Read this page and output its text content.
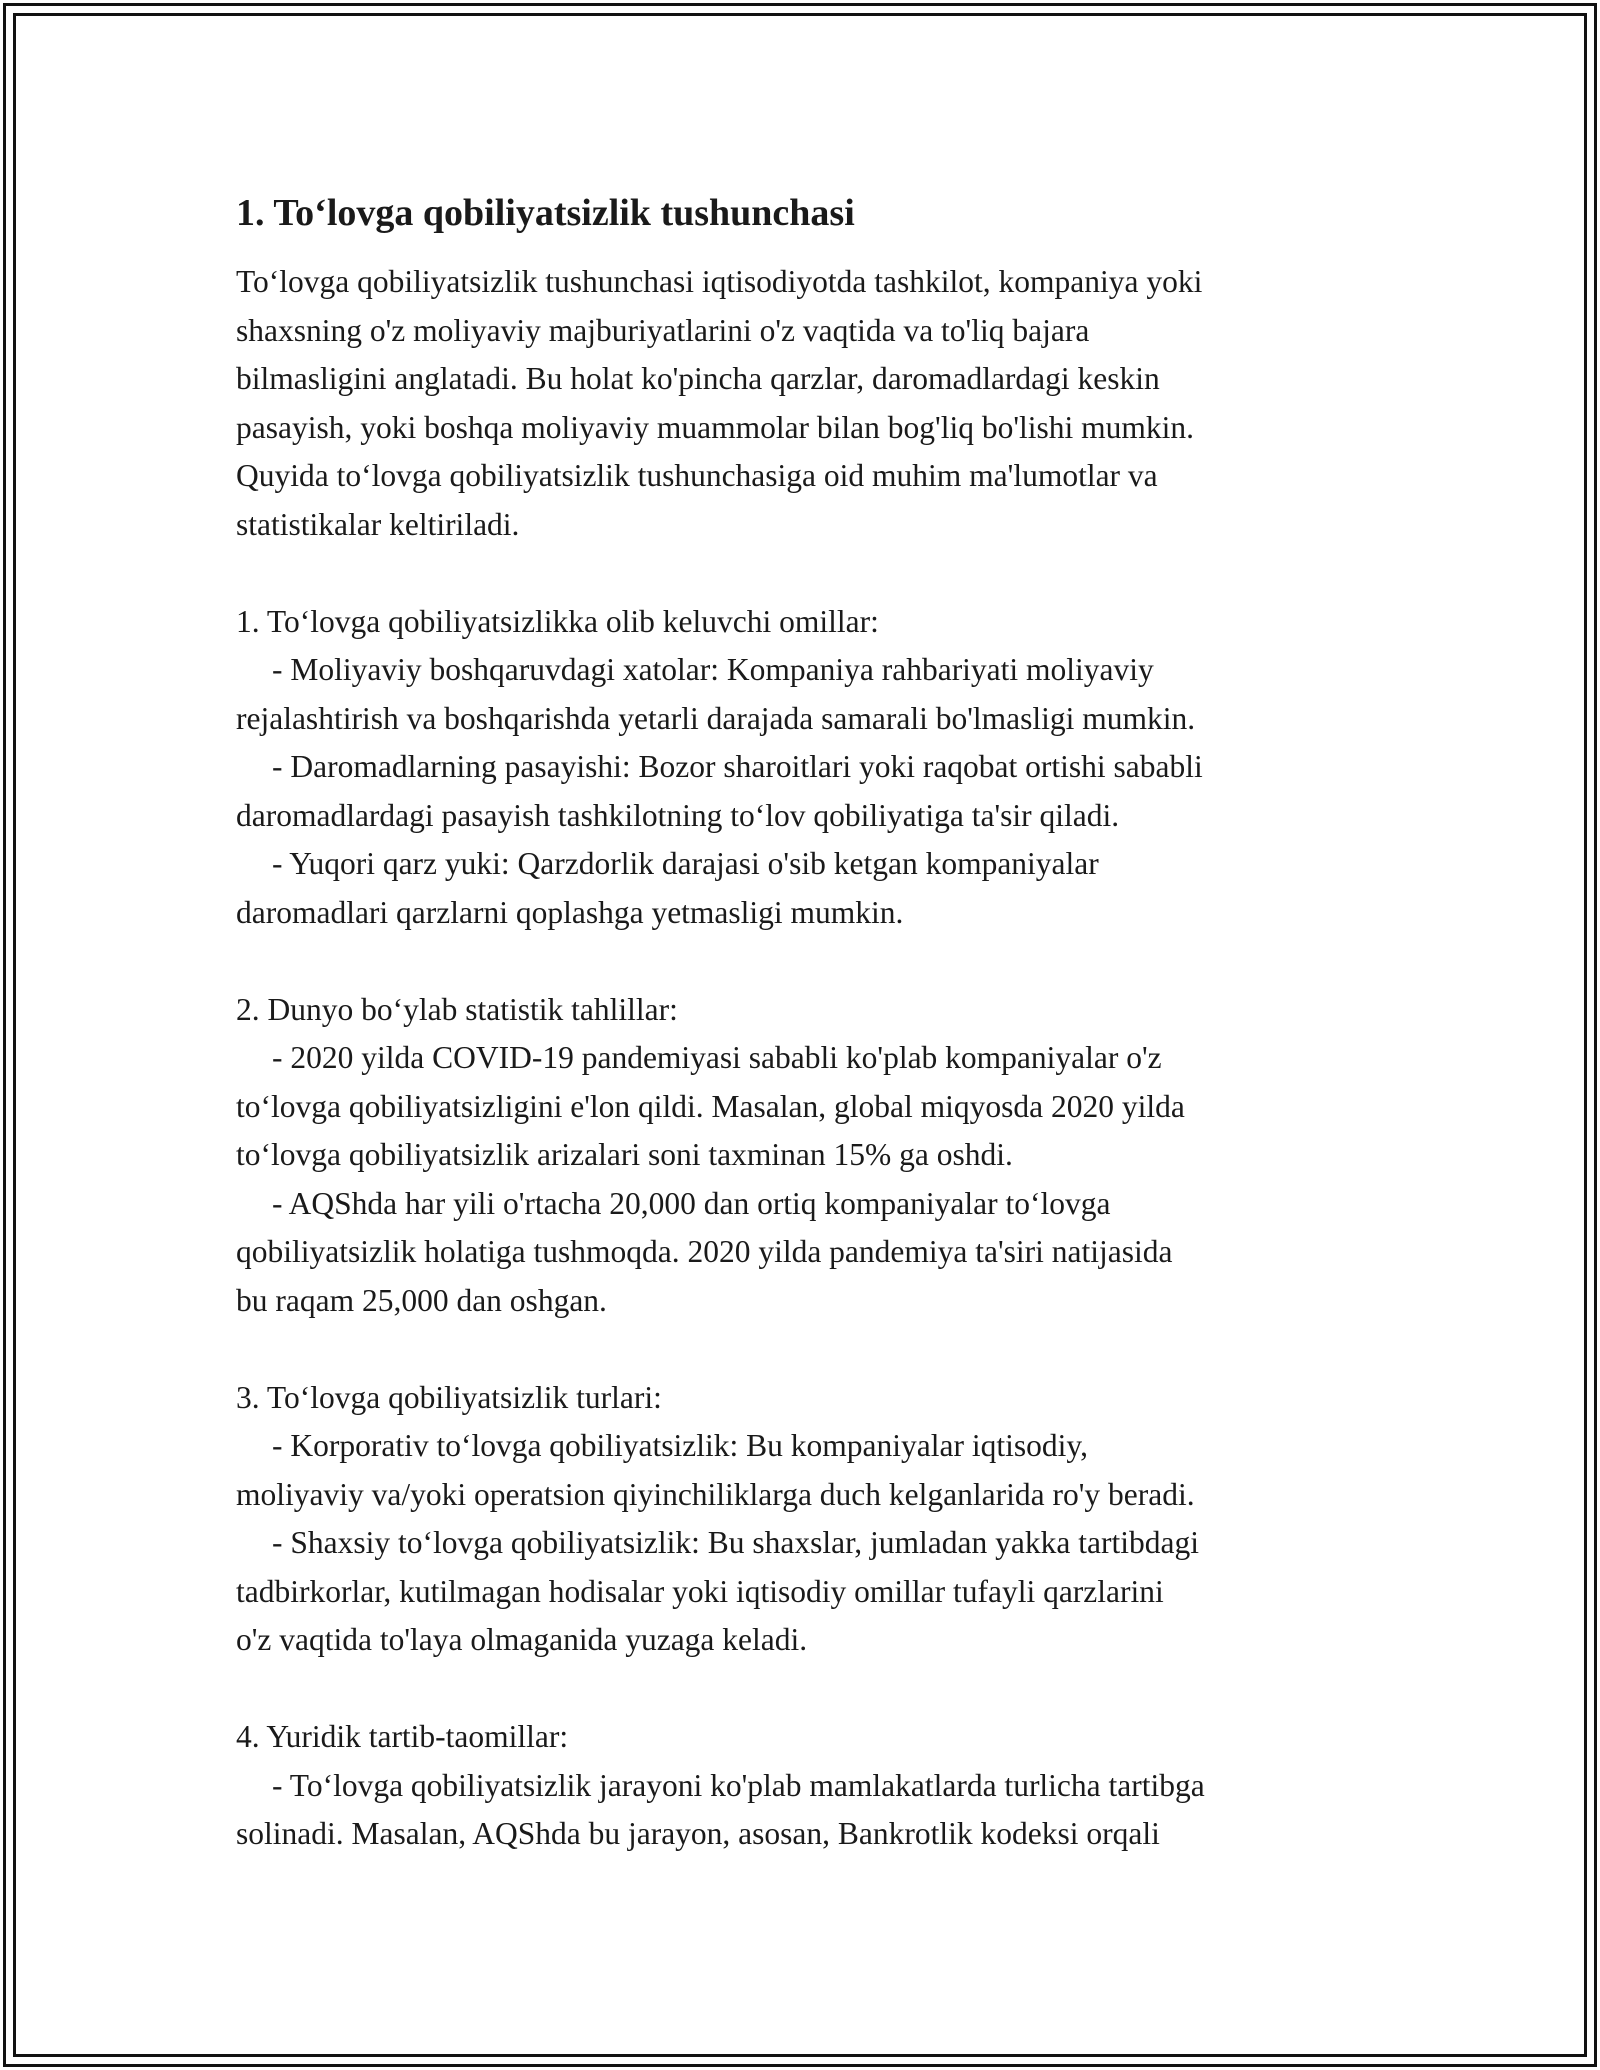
1. To‘lovga qobiliyatsizlik tushunchasi
To‘lovga qobiliyatsizlik tushunchasi iqtisodiyotda tashkilot, kompaniya yoki
shaxsning o'z moliyaviy majburiyatlarini o'z vaqtida va to'liq bajara
bilmasligini anglatadi. Bu holat ko'pincha qarzlar, daromadlardagi keskin
pasayish, yoki boshqa moliyaviy muammolar bilan bog'liq bo'lishi mumkin.
Quyida to‘lovga qobiliyatsizlik tushunchasiga oid muhim ma'lumotlar va
statistikalar keltiriladi.
1. To‘lovga qobiliyatsizlikka olib keluvchi omillar:
- Moliyaviy boshqaruvdagi xatolar: Kompaniya rahbariyati moliyaviy
rejalashtirish va boshqarishda yetarli darajada samarali bo'lmasligi mumkin.
- Daromadlarning pasayishi: Bozor sharoitlari yoki raqobat ortishi sababli
daromadlardagi pasayish tashkilotning to‘lov qobiliyatiga ta'sir qiladi.
- Yuqori qarz yuki: Qarzdorlik darajasi o'sib ketgan kompaniyalar
daromadlari qarzlarni qoplashga yetmasligi mumkin.
2. Dunyo bo‘ylab statistik tahlillar:
- 2020 yilda COVID-19 pandemiyasi sababli ko'plab kompaniyalar o'z
to‘lovga qobiliyatsizligini e'lon qildi. Masalan, global miqyosda 2020 yilda
to‘lovga qobiliyatsizlik arizalari soni taxminan 15% ga oshdi.
- AQShda har yili o'rtacha 20,000 dan ortiq kompaniyalar to‘lovga
qobiliyatsizlik holatiga tushmoqda. 2020 yilda pandemiya ta'siri natijasida
bu raqam 25,000 dan oshgan.
3. To‘lovga qobiliyatsizlik turlari:
- Korporativ to‘lovga qobiliyatsizlik: Bu kompaniyalar iqtisodiy,
moliyaviy va/yoki operatsion qiyinchiliklarga duch kelganlarida ro'y beradi.
- Shaxsiy to‘lovga qobiliyatsizlik: Bu shaxslar, jumladan yakka tartibdagi
tadbirkorlar, kutilmagan hodisalar yoki iqtisodiy omillar tufayli qarzlarini
o'z vaqtida to'laya olmaganida yuzaga keladi.
4. Yuridik tartib-taomillar:
- To‘lovga qobiliyatsizlik jarayoni ko'plab mamlakatlarda turlicha tartibga
solinadi. Masalan, AQShda bu jarayon, asosan, Bankrotlik kodeksi orqali
